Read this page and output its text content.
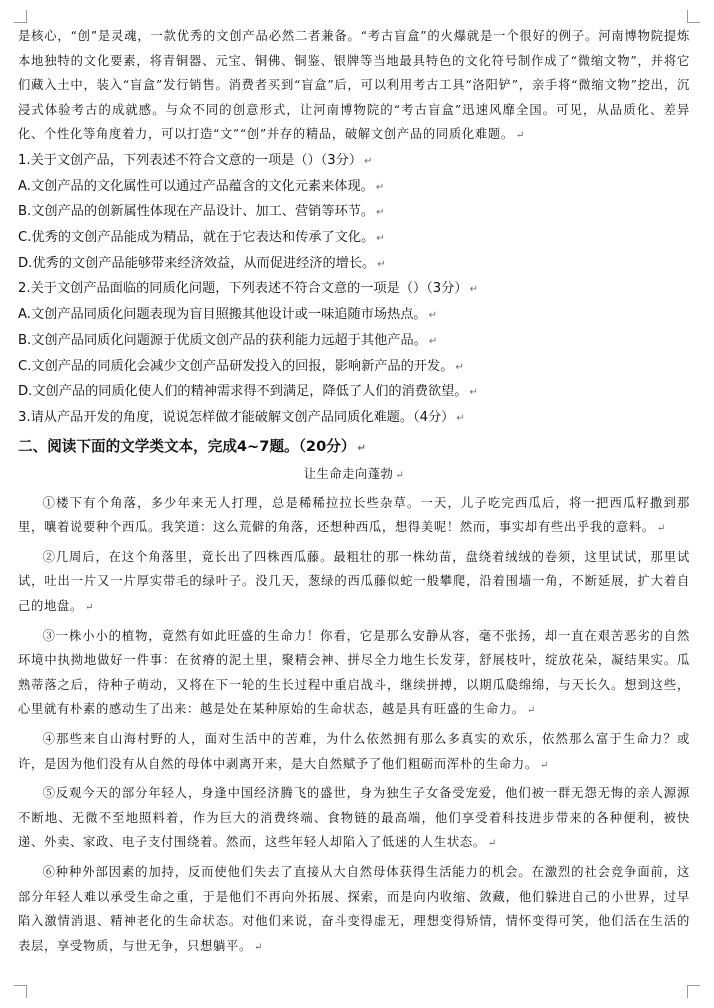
是核心，“创”是灵魂，一款优秀的文创产品必然二者兼备。“考古盲盒”的火爆就是一个很好的例子。河南博物院提炼本地独特的文化要素，将青铜器、元宝、铜佛、铜鉴、银牌等当地最具特色的文化符号制作成了“微缩文物”，并将它们藏入土中，装入“盲盒”发行销售。消费者买到“盲盒”后，可以利用考古工具“洛阳铲”，亲手将“微缩文物”挖出，沉浸式体验考古的成就感。与众不同的创意形式，让河南博物院的“考古盲盒”迅速风靡全国。可见，从品质化、差异化、个性化等角度着力，可以打造“文”“创”并存的精品，破解文创产品的同质化难题。 ↵

1.关于文创产品，下列表述不符合文意的一项是（）（3分） ↵

A.文创产品的文化属性可以通过产品蕴含的文化元素来体现。 ↵

B.文创产品的创新属性体现在产品设计、加工、营销等环节。 ↵

C.优秀的文创产品能成为精品，就在于它表达和传承了文化。 ↵

D.优秀的文创产品能够带来经济效益，从而促进经济的增长。 ↵

2.关于文创产品面临的同质化问题，下列表述不符合文意的一项是（）（3分） ↵

A.文创产品同质化问题表现为盲目照搬其他设计或一味追随市场热点。 ↵

B.文创产品同质化问题源于优质文创产品的获利能力远超于其他产品。 ↵

C.文创产品的同质化会减少文创产品研发投入的回报，影响新产品的开发。 ↵

D.文创产品的同质化使人们的精神需求得不到满足，降低了人们的消费欲望。 ↵

3.请从产品开发的角度，说说怎样做才能破解文创产品同质化难题。（4分） ↵

二、阅读下面的文学类文本，完成4~7题。（20分） ↵

让生命走向蓬勃 ↵

①楼下有个角落，多少年来无人打理，总是稀稀拉拉长些杂草。一天，儿子吃完西瓜后，将一把西瓜籽撒到那里，嚷着说要种个西瓜。我笑道：这么荒僻的角落，还想种西瓜，想得美呢！然而，事实却有些出乎我的意料。 ↵

②几周后，在这个角落里，竟长出了四株西瓜藤。最粗壮的那一株幼苗，盘绕着绒绒的卷须，这里试试，那里试试，吐出一片又一片厚实带毛的绿叶子。没几天，葱绿的西瓜藤似蛇一般攀爬，沿着围墙一角，不断延展，扩大着自己的地盘。 ↵

③一株小小的植物，竟然有如此旺盛的生命力！你看，它是那么安静从容，毫不张扬，却一直在艰苦恶劣的自然环境中执拗地做好一件事：在贫瘠的泥土里，聚精会神、拼尽全力地生长发芽，舒展枝叶，绽放花朵，凝结果实。瓜熟蒂落之后，待种子萌动，又将在下一轮的生长过程中重启战斗，继续拼搏，以期瓜瓞绵绵，与天长久。想到这些，心里就有朴素的感动生了出来：越是处在某种原始的生命状态，越是具有旺盛的生命力。 ↵

④那些来自山海村野的人，面对生活中的苦难，为什么依然拥有那么多真实的欢乐，依然那么富于生命力？或许，是因为他们没有从自然的母体中剥离开来，是大自然赋予了他们粗砺而浑朴的生命力。 ↵

⑤反观今天的部分年轻人，身逢中国经济腾飞的盛世，身为独生子女备受宠爱，他们被一群无怨无悔的亲人源源不断地、无微不至地照料着，作为巨大的消费终端、食物链的最高端，他们享受着科技进步带来的各种便利，被快递、外卖、家政、电子支付围绕着。然而，这些年轻人却陷入了低迷的人生状态。 ↵

⑥种种外部因素的加持，反而使他们失去了直接从大自然母体获得生活能力的机会。在激烈的社会竞争面前，这部分年轻人难以承受生命之重，于是他们不再向外拓展、探索，而是向内收缩、敛藏，他们躲进自己的小世界，过早陷入激情消退、精神老化的生命状态。对他们来说，奋斗变得虚无，理想变得矫情，情怀变得可笑，他们活在生活的表层，享受物质，与世无争，只想躺平。 ↵
